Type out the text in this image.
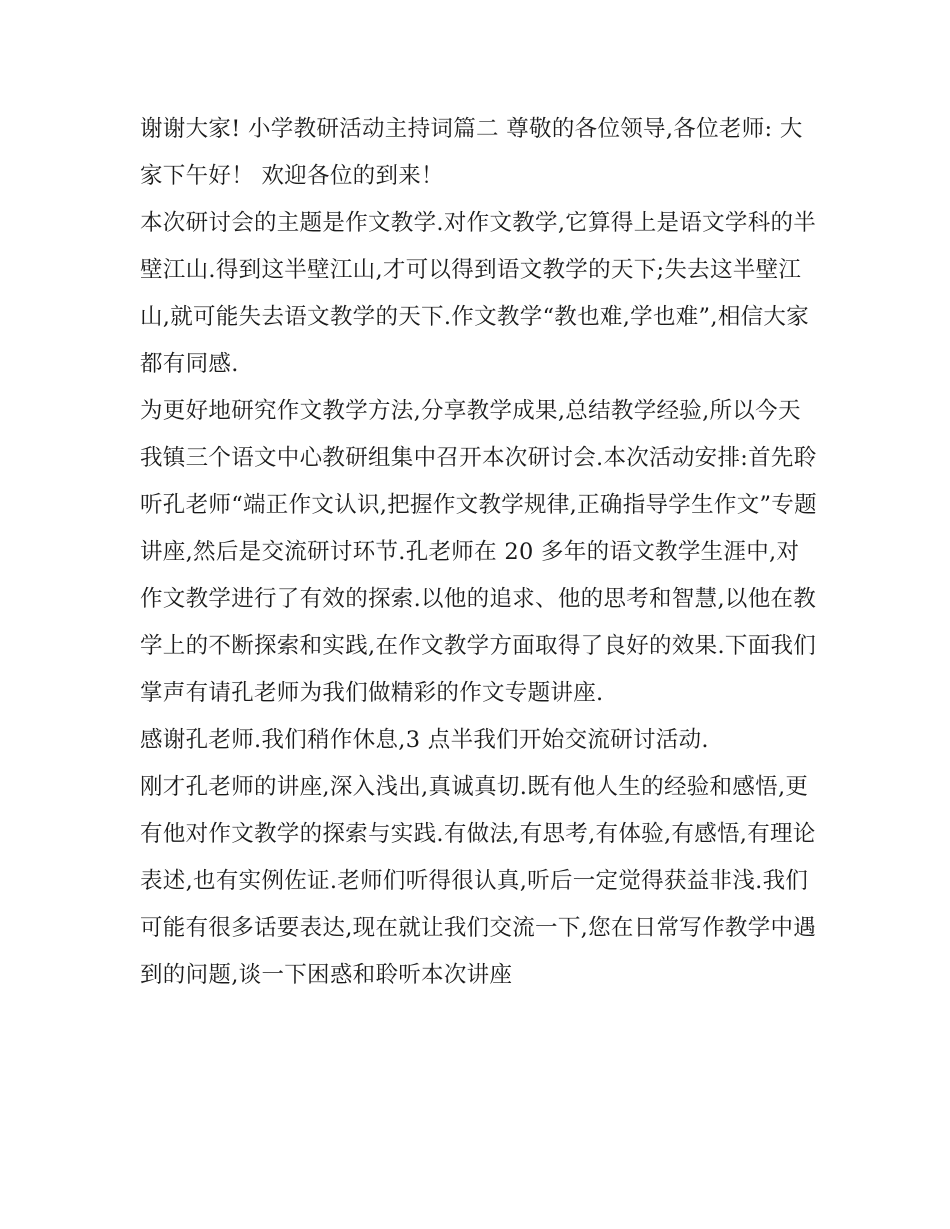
谢谢大家! 小学教研活动主持词篇二 尊敬的各位领导,各位老师: 大家下午好！ 欢迎各位的到来！

本次研讨会的主题是作文教学.对作文教学,它算得上是语文学科的半壁江山.得到这半壁江山,才可以得到语文教学的天下;失去这半壁江山,就可能失去语文教学的天下.作文教学“教也难,学也难”,相信大家都有同感.

为更好地研究作文教学方法,分享教学成果,总结教学经验,所以今天我镇三个语文中心教研组集中召开本次研讨会.本次活动安排:首先聆听孔老师“端正作文认识,把握作文教学规律,正确指导学生作文”专题讲座,然后是交流研讨环节.孔老师在 20 多年的语文教学生涯中,对作文教学进行了有效的探索.以他的追求、他的思考和智慧,以他在教学上的不断探索和实践,在作文教学方面取得了良好的效果.下面我们掌声有请孔老师为我们做精彩的作文专题讲座.

感谢孔老师.我们稍作休息,3 点半我们开始交流研讨活动.

刚才孔老师的讲座,深入浅出,真诚真切.既有他人生的经验和感悟,更有他对作文教学的探索与实践.有做法,有思考,有体验,有感悟,有理论表述,也有实例佐证.老师们听得很认真,听后一定觉得获益非浅.我们可能有很多话要表达,现在就让我们交流一下,您在日常写作教学中遇到的问题,谈一下困惑和聆听本次讲座
